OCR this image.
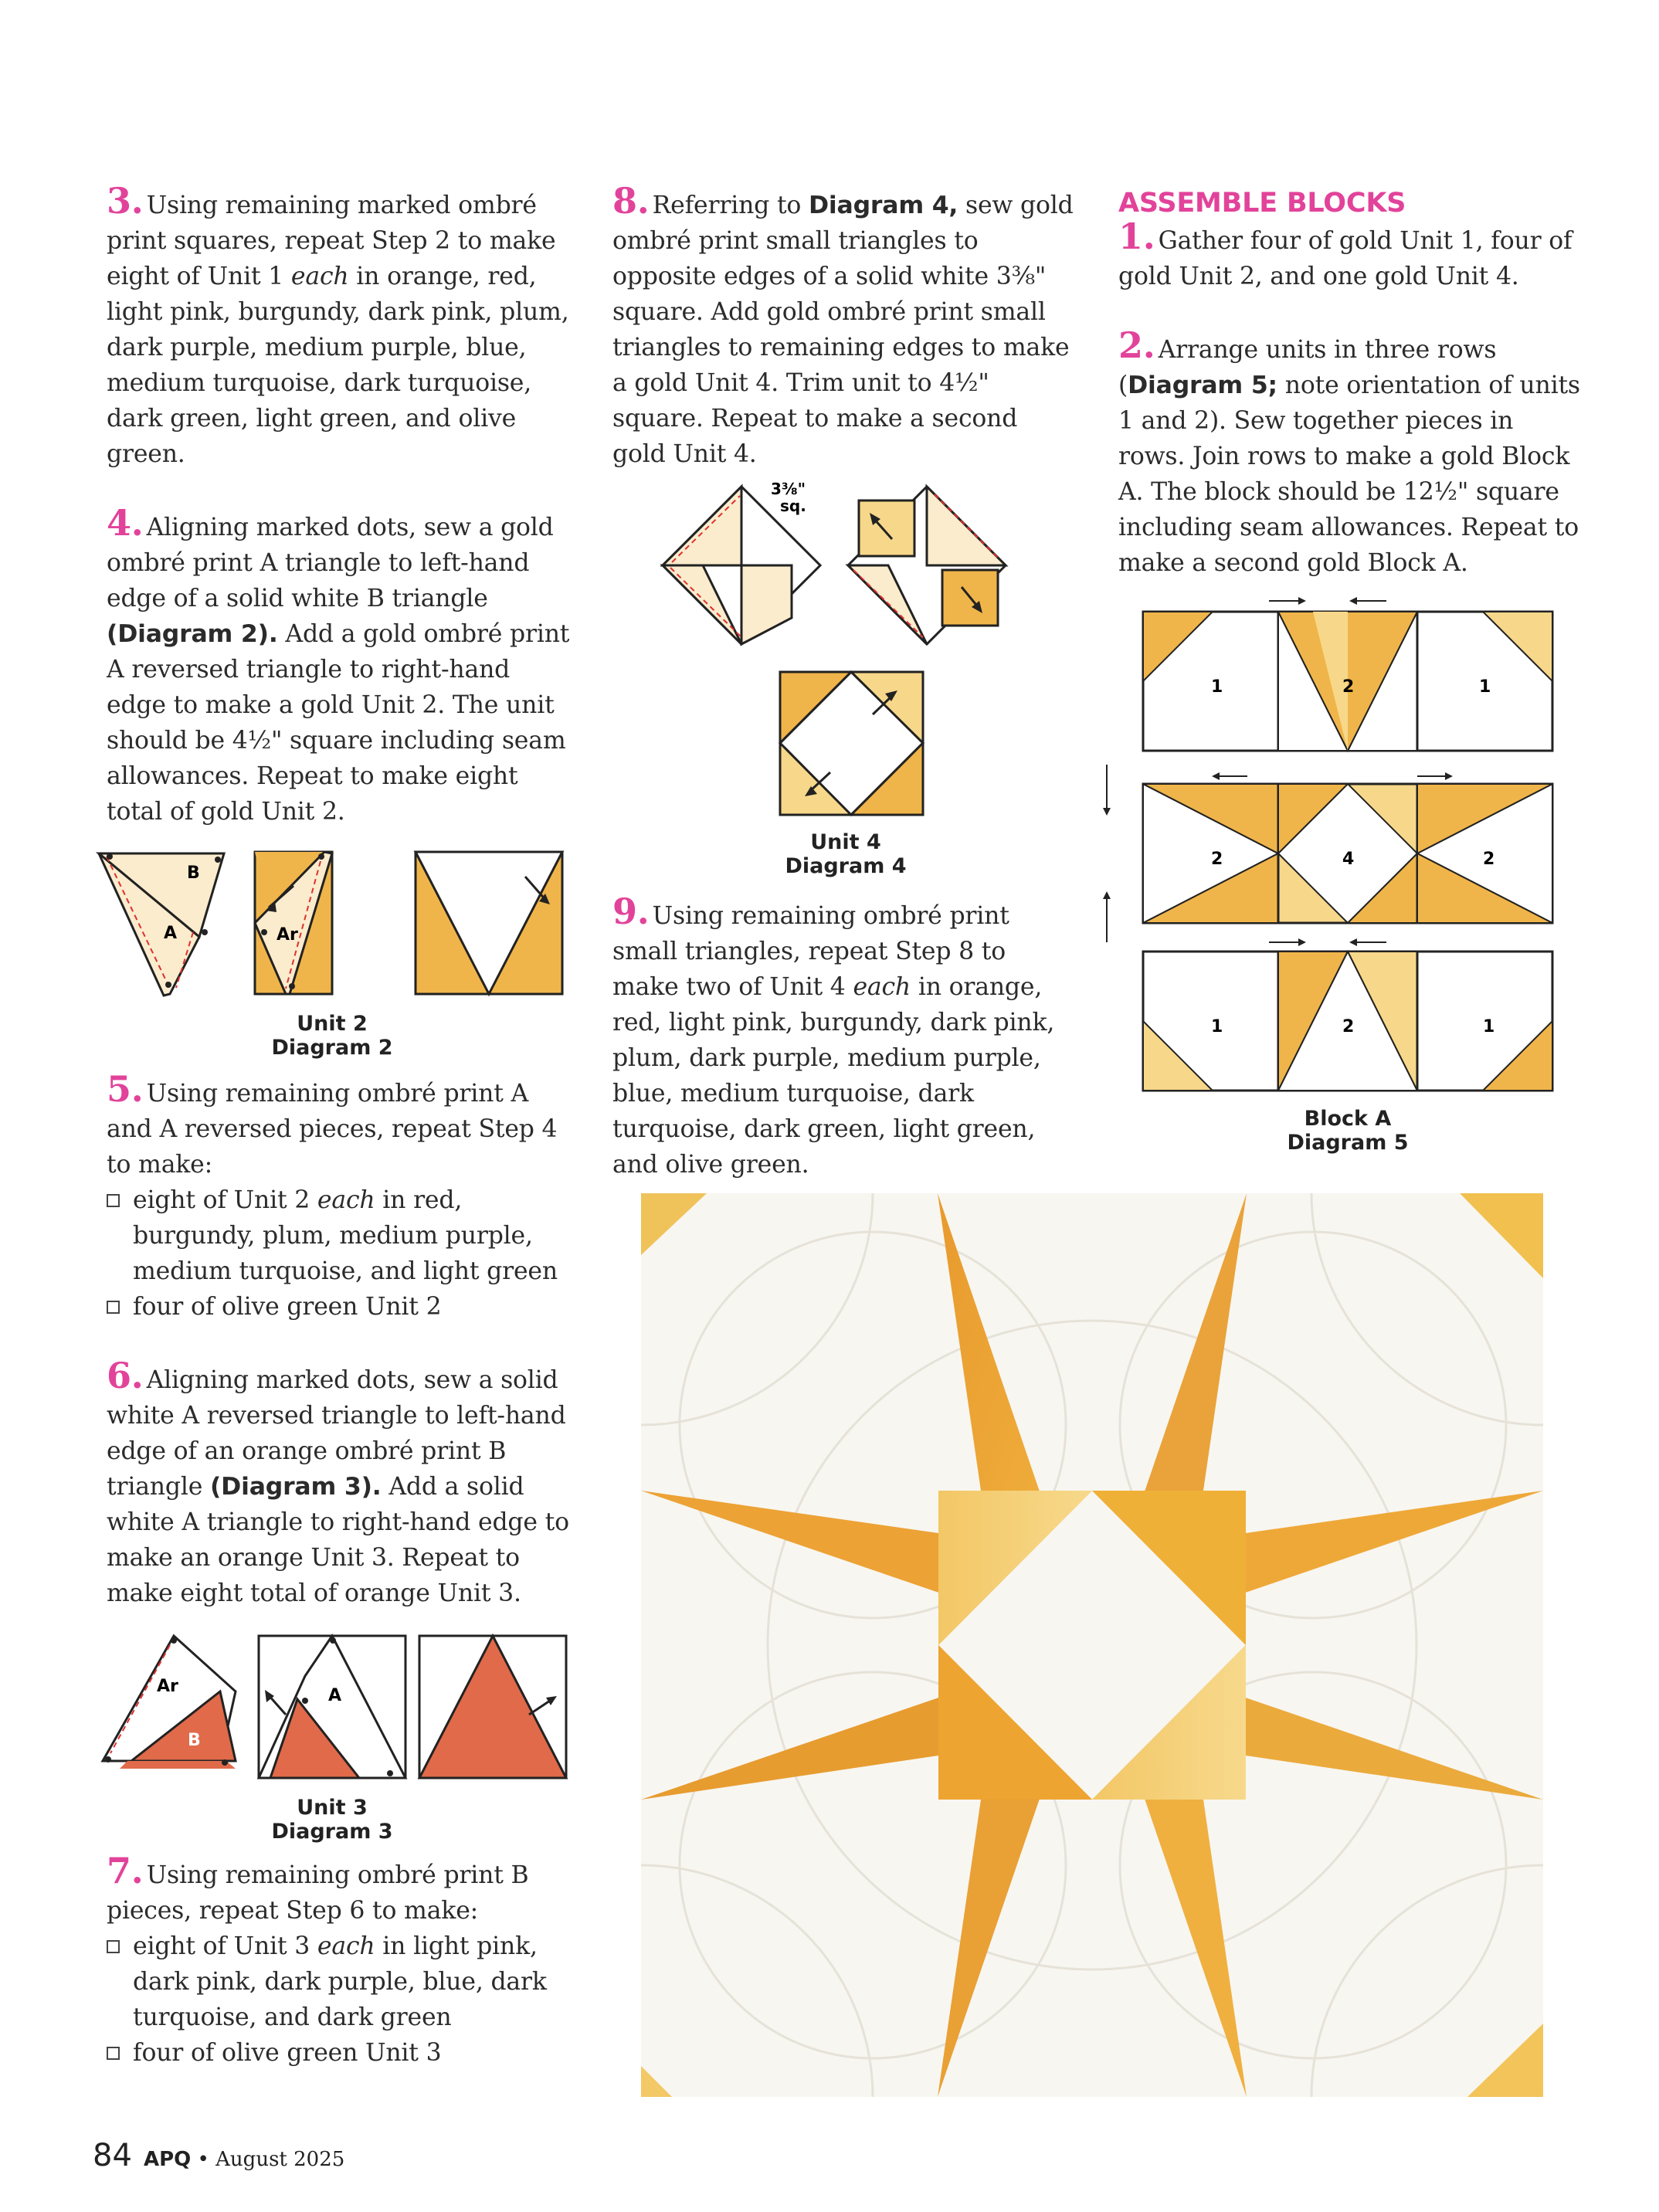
3. Using remaining marked ombré print squares, repeat Step 2 to make eight of Unit 1 each in orange, red, light pink, burgundy, dark pink, plum, dark purple, medium purple, blue, medium turquoise, dark turquoise, dark green, light green, and olive green.

4. Aligning marked dots, sew a gold ombré print A triangle to left-hand edge of a solid white B triangle (Diagram 2). Add a gold ombré print A reversed triangle to right-hand edge to make a gold Unit 2. The unit should be 4½" square including seam allowances. Repeat to make eight total of gold Unit 2.

B
A	Ar
Unit 2
Diagram 2

5. Using remaining ombré print A and A reversed pieces, repeat Step 4 to make:

eight of Unit 2 each in red, burgundy, plum, medium purple, medium turquoise, and light green
four of olive green Unit 2

6. Aligning marked dots, sew a solid white A reversed triangle to left-hand edge of an orange ombré print B triangle (Diagram 3). Add a solid white A triangle to right-hand edge to make an orange Unit 3. Repeat to make eight total of orange Unit 3.

Ar
B
A
Unit 3
Diagram 3

7. Using remaining ombré print B pieces, repeat Step 6 to make:

eight of Unit 3 each in light pink, dark pink, dark purple, blue, dark turquoise, and dark green
four of olive green Unit 3

8. Referring to Diagram 4, sew gold ombré print small triangles to opposite edges of a solid white 3⅜" square. Add gold ombré print small triangles to remaining edges to make a gold Unit 4. Trim unit to 4½" square. Repeat to make a second gold Unit 4.

3⅜"
sq.
Unit 4
Diagram 4

9. Using remaining ombré print small triangles, repeat Step 8 to make two of Unit 4 each in orange, red, light pink, burgundy, dark pink, plum, dark purple, medium purple, blue, medium turquoise, dark turquoise, dark green, light green, and olive green.

ASSEMBLE BLOCKS

1. Gather four of gold Unit 1, four of gold Unit 2, and one gold Unit 4.

2. Arrange units in three rows (Diagram 5; note orientation of units 1 and 2). Sew together pieces in rows. Join rows to make a gold Block A. The block should be 12½" square including seam allowances. Repeat to make a second gold Block A.

1	2	1
2	4	2
1	2	1
Block A
Diagram 5
84 APQ • August 2025
